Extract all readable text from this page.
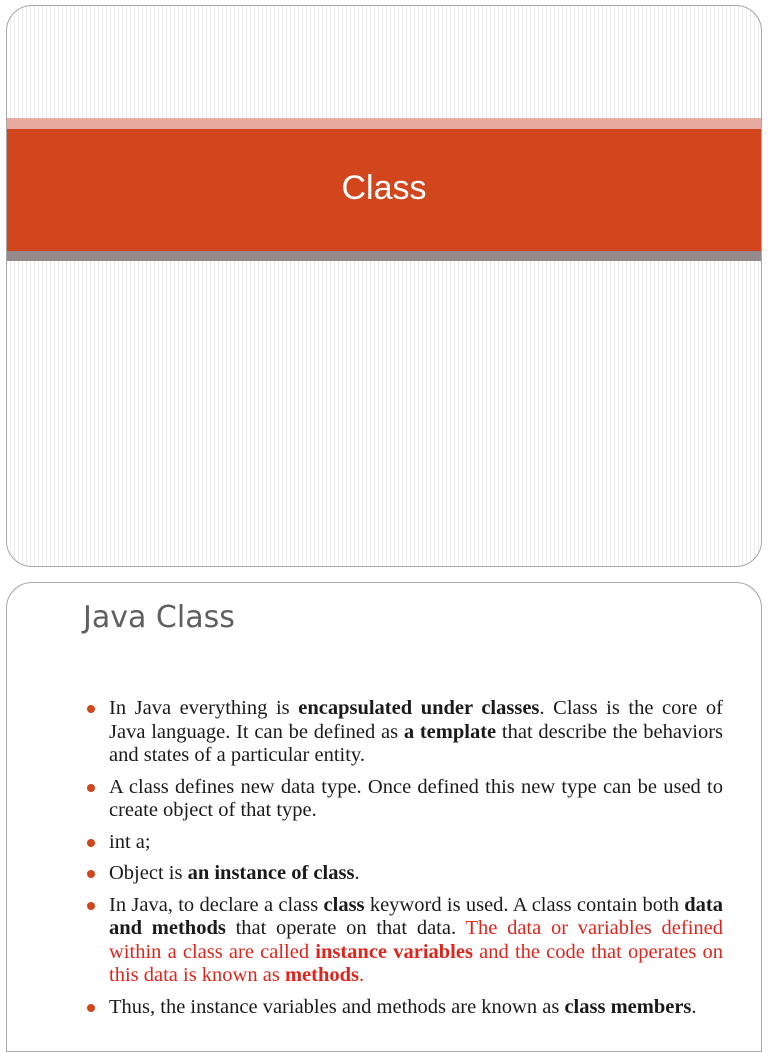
Class
Java Class
In Java everything is encapsulated under classes. Class is the core of Java language. It can be defined as a template that describe the behaviors and states of a particular entity.
A class defines new data type. Once defined this new type can be used to create object of that type.
int a;
Object is an instance of class.
In Java, to declare a class class keyword is used. A class contain both data and methods that operate on that data. The data or variables defined within a class are called instance variables and the code that operates on this data is known as methods.
Thus, the instance variables and methods are known as class members.
